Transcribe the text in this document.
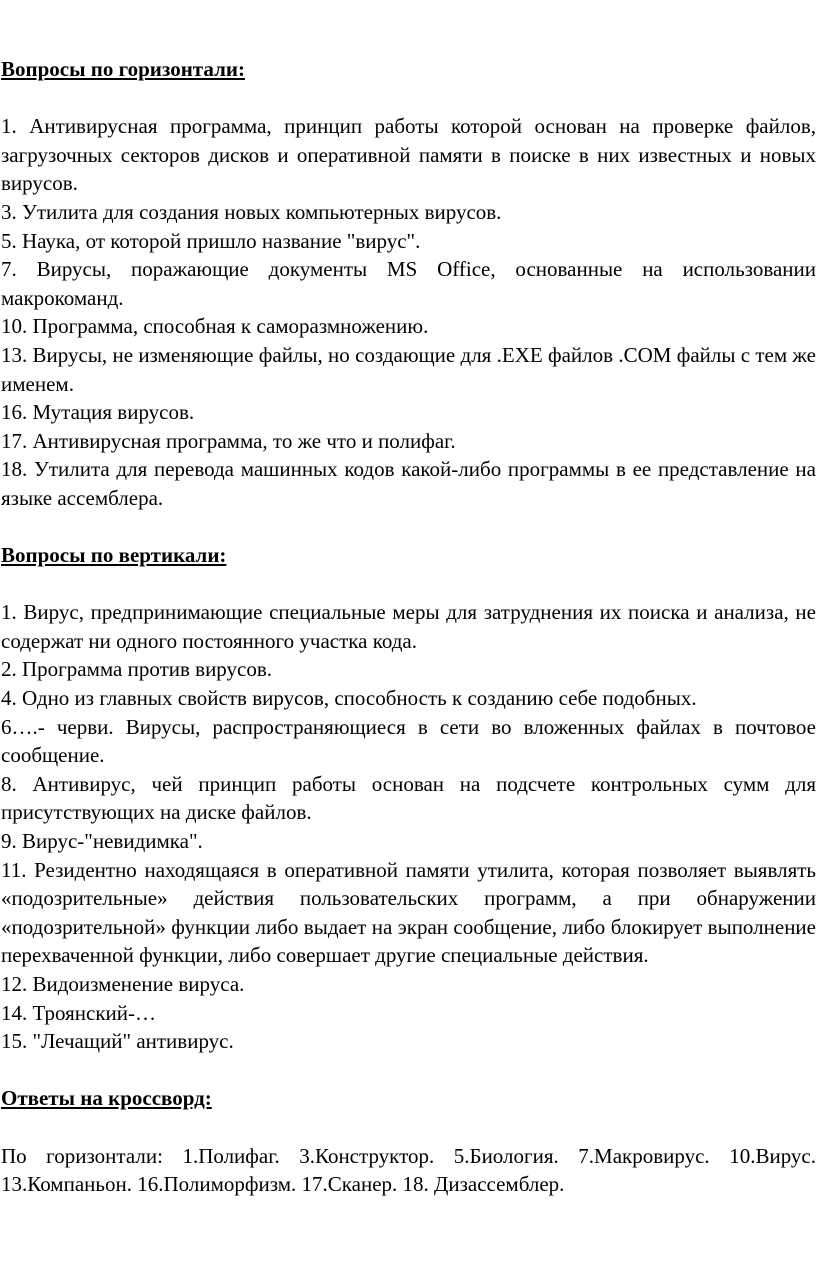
Вопросы по горизонтали:

1. Антивирусная программа, принцип работы которой основан на проверке файлов, загрузочных секторов дисков и оперативной памяти в поиске в них известных и новых вирусов.

3. Утилита для создания новых компьютерных вирусов.

5. Наука, от которой пришло название "вирус".

7. Вирусы, поражающие документы MS Office, основанные на использовании макрокоманд.

10. Программа, способная к саморазмножению.

13. Вирусы, не изменяющие файлы, но создающие для .EXE файлов .COM файлы с тем же именем.

16. Мутация вирусов.

17. Антивирусная программа, то же что и полифаг.

18. Утилита для перевода машинных кодов какой-либо программы в ее представление на языке ассемблера.

Вопросы по вертикали:

1. Вирус, предпринимающие специальные меры для затруднения их поиска и анализа, не содержат ни одного постоянного участка кода.

2. Программа против вирусов.

4. Одно из главных свойств вирусов, способность к созданию себе подобных.

6….- черви. Вирусы, распространяющиеся в сети во вложенных файлах в почтовое сообщение.

8. Антивирус, чей принцип работы основан на подсчете контрольных сумм для присутствующих на диске файлов.

9. Вирус-"невидимка".

11. Резидентно находящаяся в оперативной памяти утилита, которая позволяет выявлять «подозрительные» действия пользовательских программ, а при обнаружении «подозрительной» функции либо выдает на экран сообщение, либо блокирует выполнение перехваченной функции, либо совершает другие специальные действия.

12. Видоизменение вируса.

14. Троянский-…

15. "Лечащий" антивирус.

Ответы на кроссворд:

По горизонтали: 1.Полифаг. 3.Конструктор. 5.Биология. 7.Макровирус. 10.Вирус. 13.Компаньон. 16.Полиморфизм. 17.Сканер. 18. Дизассемблер.
